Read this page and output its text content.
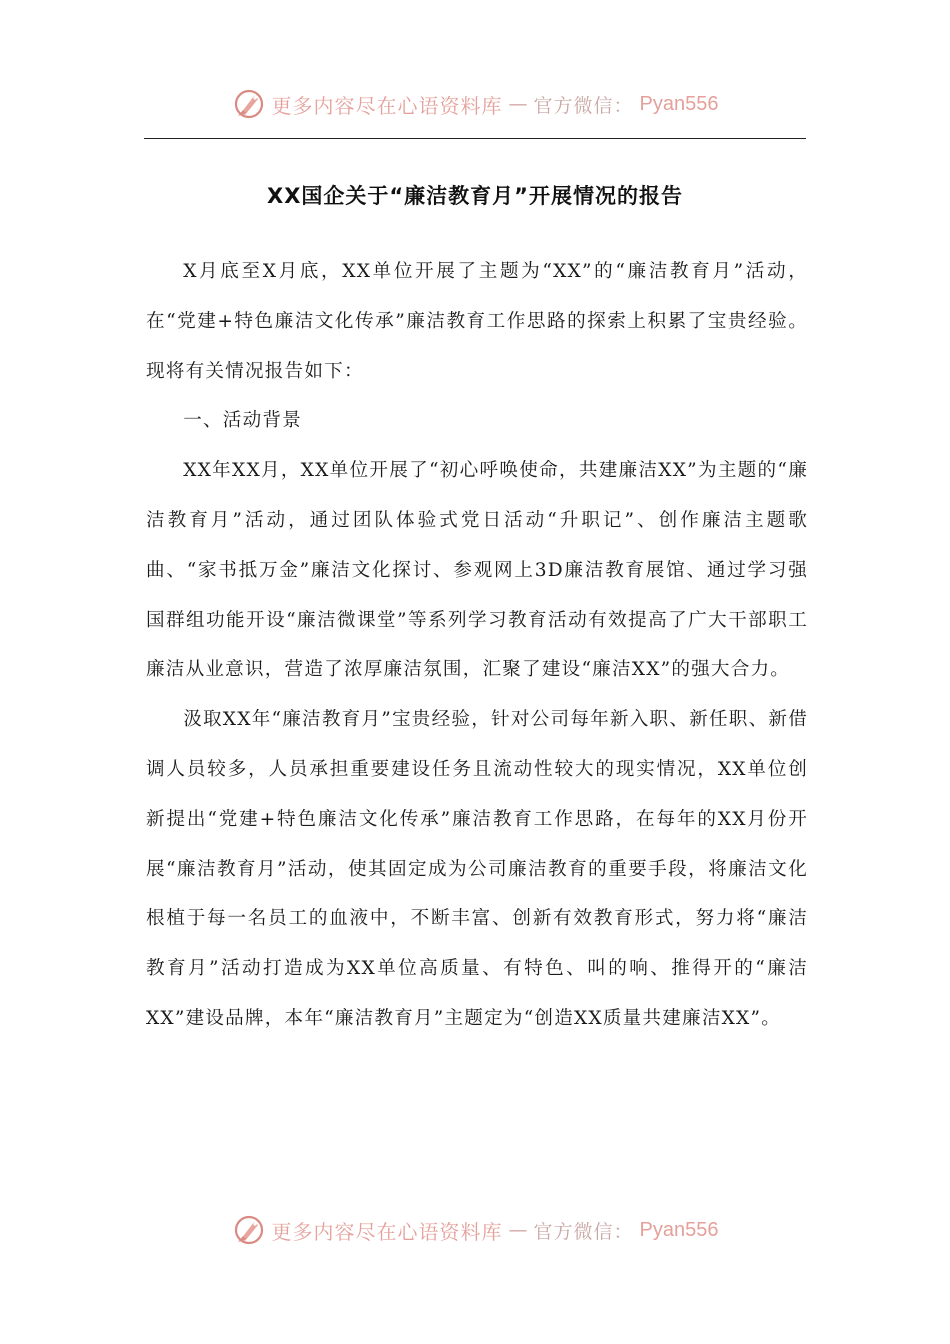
更多内容尽在心语资料库 — 官方微信： Pyan556
XX国企关于“廉洁教育月”开展情况的报告

X月底至X月底，XX单位开展了主题为“XX”的“廉洁教育月”活动，在“党建+特色廉洁文化传承”廉洁教育工作思路的探索上积累了宝贵经验。现将有关情况报告如下：

一、活动背景

XX年XX月，XX单位开展了“初心呼唤使命，共建廉洁XX”为主题的“廉洁教育月”活动，通过团队体验式党日活动“升职记”、创作廉洁主题歌曲、“家书抵万金”廉洁文化探讨、参观网上3D廉洁教育展馆、通过学习强国群组功能开设“廉洁微课堂”等系列学习教育活动有效提高了广大干部职工廉洁从业意识，营造了浓厚廉洁氛围，汇聚了建设“廉洁XX”的强大合力。

汲取XX年“廉洁教育月”宝贵经验，针对公司每年新入职、新任职、新借调人员较多，人员承担重要建设任务且流动性较大的现实情况，XX单位创新提出“党建+特色廉洁文化传承”廉洁教育工作思路，在每年的XX月份开展“廉洁教育月”活动，使其固定成为公司廉洁教育的重要手段，将廉洁文化根植于每一名员工的血液中，不断丰富、创新有效教育形式，努力将“廉洁教育月”活动打造成为XX单位高质量、有特色、叫的响、推得开的“廉洁XX”建设品牌，本年“廉洁教育月”主题定为“创造XX质量共建廉洁XX”。

更多内容尽在心语资料库 — 官方微信： Pyan556
